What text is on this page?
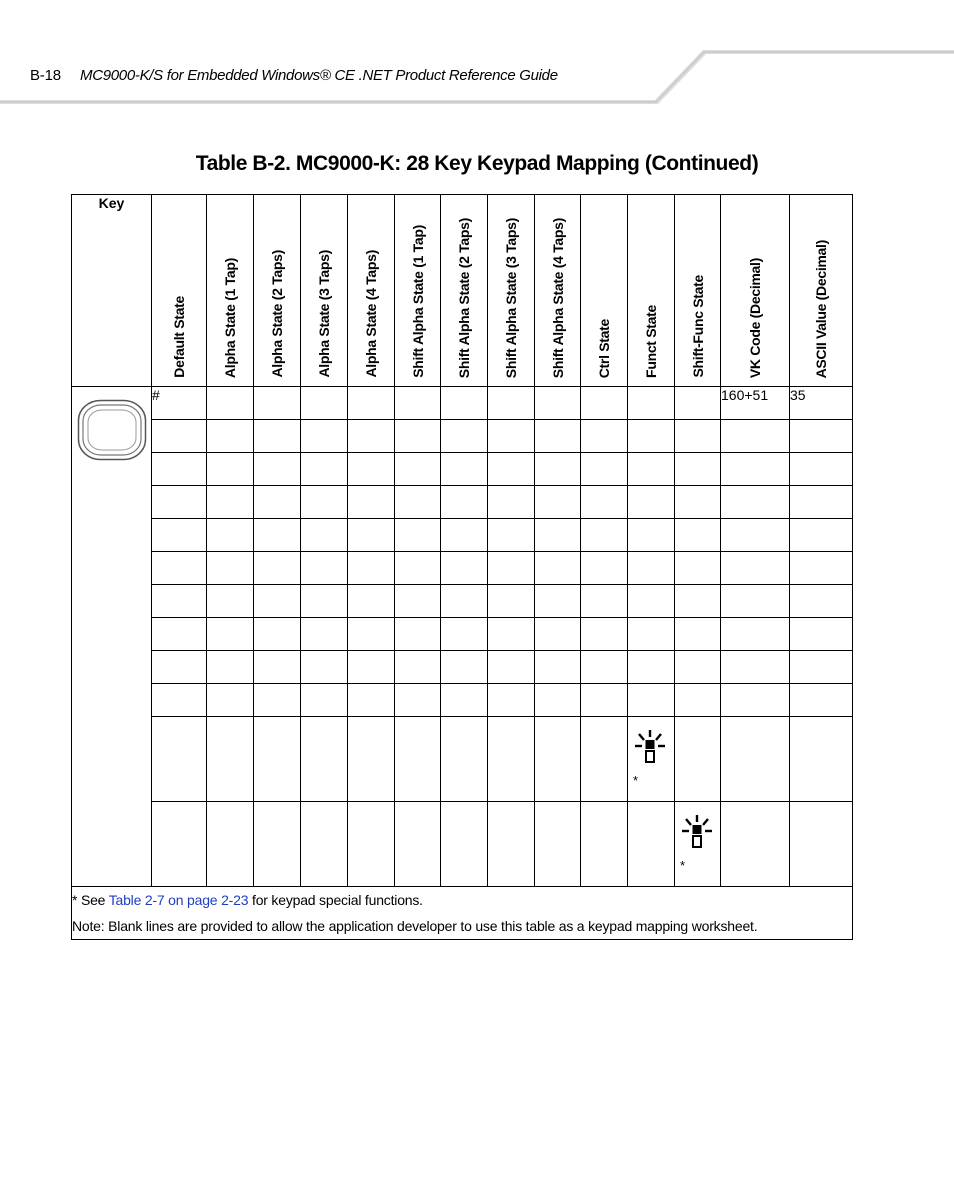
B-18 MC9000-K/S for Embedded Windows® CE .NET Product Reference Guide
Table B-2. MC9000-K: 28 Key Keypad Mapping (Continued)
Key	Default State	Alpha State (1 Tap)	Alpha State (2 Taps)	Alpha State (3 Taps)	Alpha State (4 Taps)	Shift Alpha State (1 Tap)	Shift Alpha State (2 Taps)	Shift Alpha State (3 Taps)	Shift Alpha State (4 Taps)	Ctrl State	Funct State	Shift-Func State	VK Code (Decimal)	ASCII Value (Decimal)

	#												160+51	35

											*			

												*		

* See Table 2-7 on page 2-23 for keypad special functions.
Note: Blank lines are provided to allow the application developer to use this table as a keypad mapping worksheet.														
